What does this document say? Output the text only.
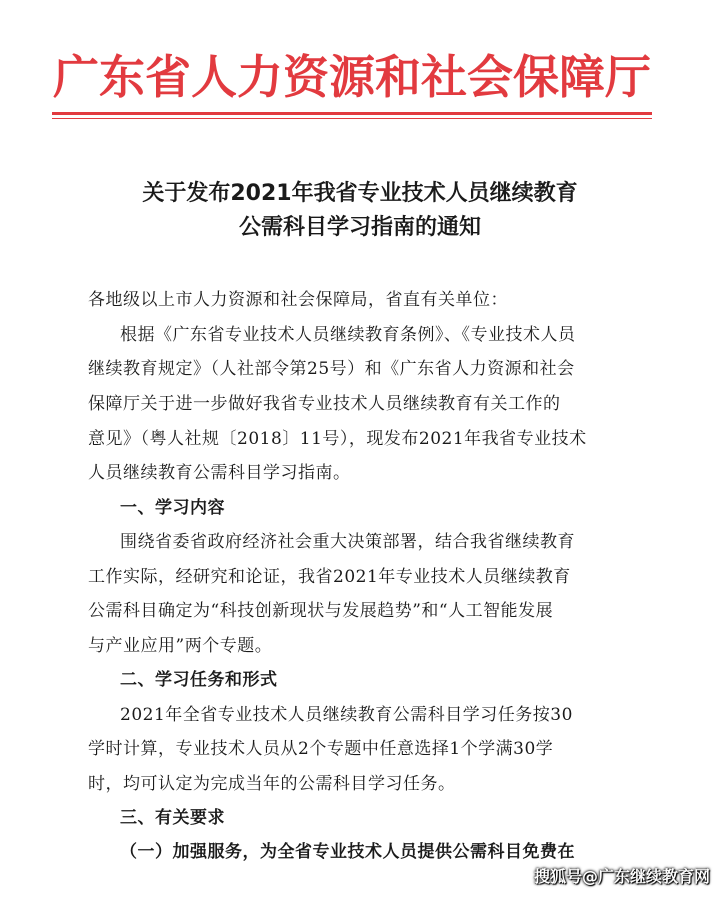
广东省人力资源和社会保障厅
关于发布2021年我省专业技术人员继续教育
公需科目学习指南的通知
各地级以上市人力资源和社会保障局，省直有关单位：
根据《广东省专业技术人员继续教育条例》、《专业技术人员
继续教育规定》（人社部令第25号）和《广东省人力资源和社会
保障厅关于进一步做好我省专业技术人员继续教育有关工作的
意见》（粤人社规〔2018〕11号），现发布2021年我省专业技术
人员继续教育公需科目学习指南。
一、学习内容
围绕省委省政府经济社会重大决策部署，结合我省继续教育
工作实际，经研究和论证，我省2021年专业技术人员继续教育
公需科目确定为“科技创新现状与发展趋势”和“人工智能发展
与产业应用”两个专题。
二、学习任务和形式
2021年全省专业技术人员继续教育公需科目学习任务按30
学时计算，专业技术人员从2个专题中任意选择1个学满30学
时，均可认定为完成当年的公需科目学习任务。
三、有关要求
（一）加强服务，为全省专业技术人员提供公需科目免费在
搜狐号@广东继续教育网
